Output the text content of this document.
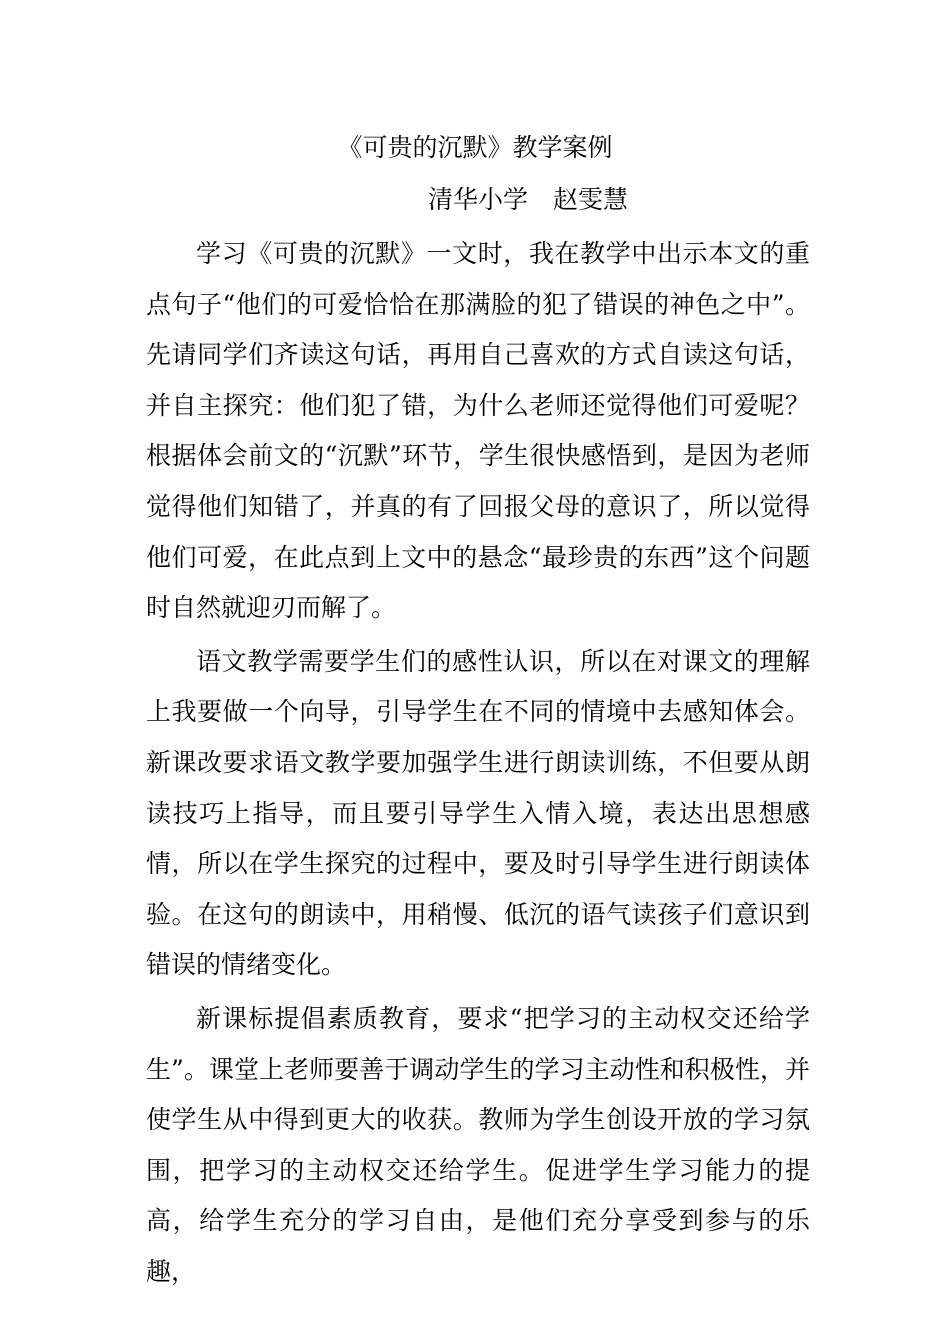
《可贵的沉默》教学案例

清华小学　赵雯慧

学习《可贵的沉默》一文时，我在教学中出示本文的重点句子“他们的可爱恰恰在那满脸的犯了错误的神色之中”。先请同学们齐读这句话，再用自己喜欢的方式自读这句话，并自主探究：他们犯了错，为什么老师还觉得他们可爱呢？根据体会前文的“沉默”环节，学生很快感悟到，是因为老师觉得他们知错了，并真的有了回报父母的意识了，所以觉得他们可爱，在此点到上文中的悬念“最珍贵的东西”这个问题时自然就迎刃而解了。

语文教学需要学生们的感性认识，所以在对课文的理解上我要做一个向导，引导学生在不同的情境中去感知体会。新课改要求语文教学要加强学生进行朗读训练，不但要从朗读技巧上指导，而且要引导学生入情入境，表达出思想感情，所以在学生探究的过程中，要及时引导学生进行朗读体验。在这句的朗读中，用稍慢、低沉的语气读孩子们意识到错误的情绪变化。

新课标提倡素质教育，要求“把学习的主动权交还给学生”。课堂上老师要善于调动学生的学习主动性和积极性，并使学生从中得到更大的收获。教师为学生创设开放的学习氛围，把学习的主动权交还给学生。促进学生学习能力的提高，给学生充分的学习自由，是他们充分享受到参与的乐趣，
